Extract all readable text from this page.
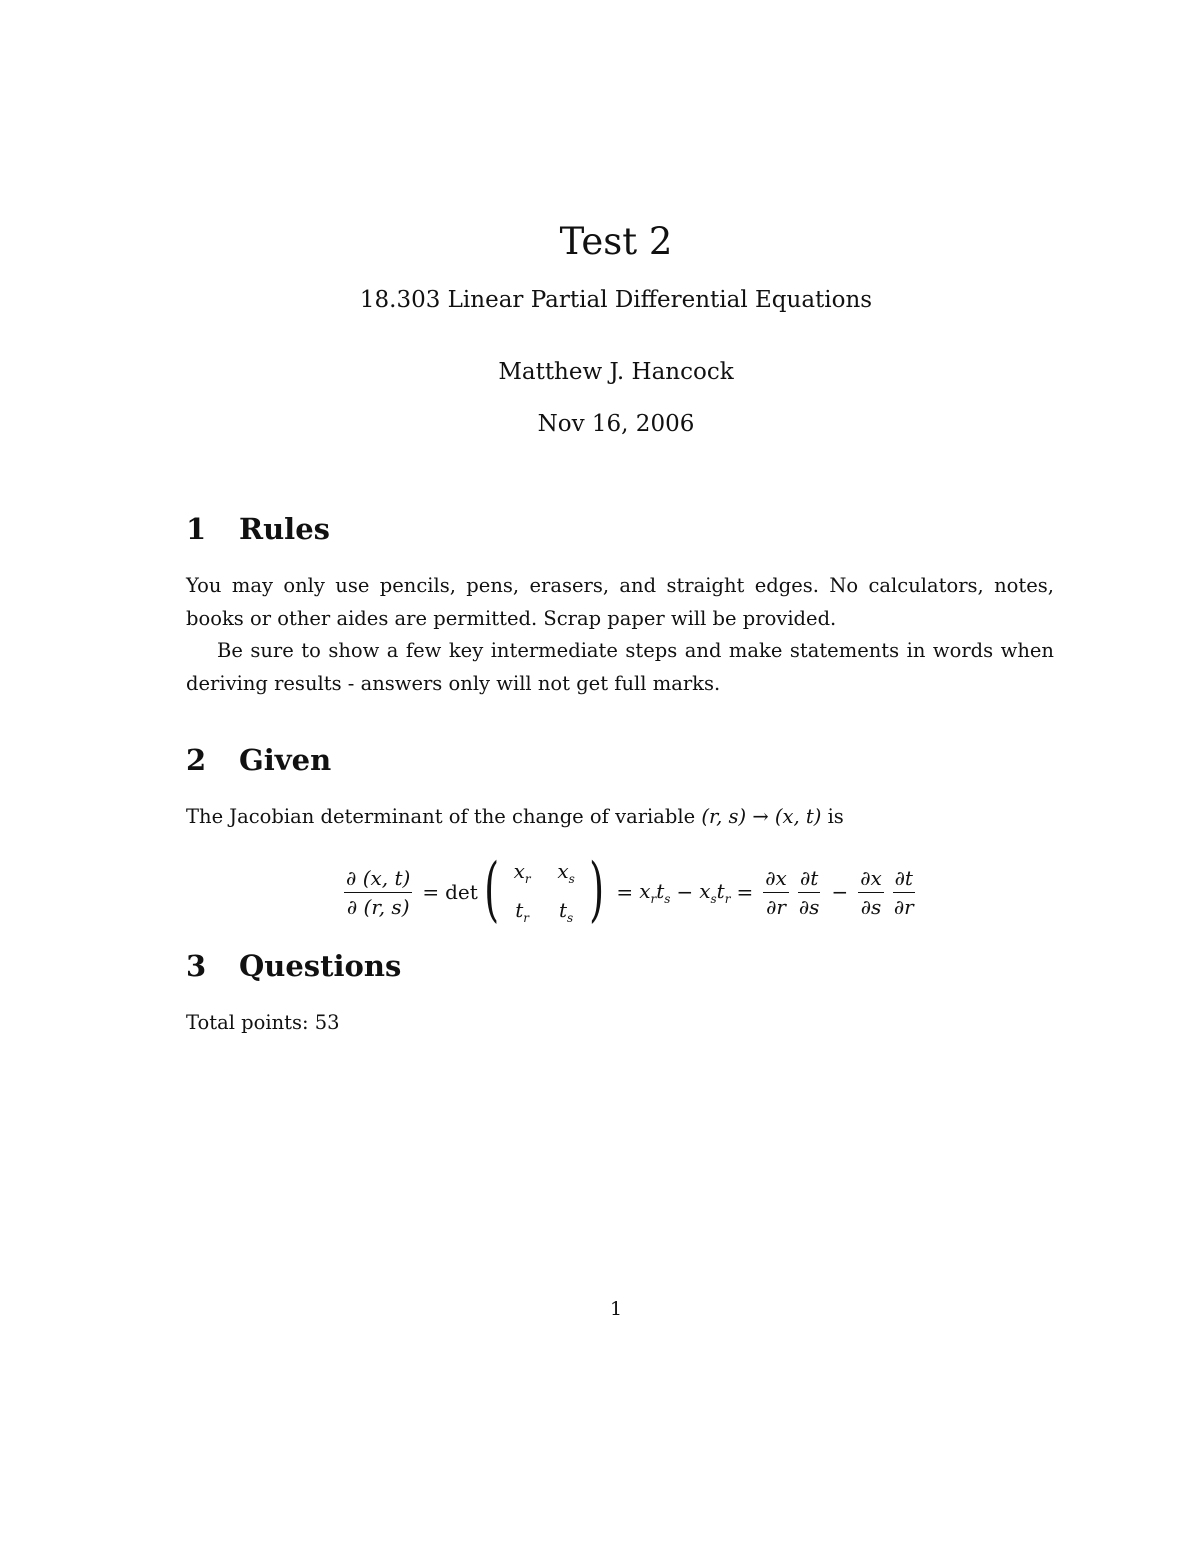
Test 2

18.303 Linear Partial Differential Equations

Matthew J. Hancock

Nov 16, 2006

1 Rules

You may only use pencils, pens, erasers, and straight edges. No calculators, notes, books or other aides are permitted. Scrap paper will be provided.

Be sure to show a few key intermediate steps and make statements in words when deriving results - answers only will not get full marks.

2 Given

The Jacobian determinant of the change of variable (r, s) → (x, t) is

$\frac{\partial (x, t)}{\partial (r, s)} = \det$ ( $x_r$	$x_s$
$t_r$	$t_s$ ) = $x_rt_s - x_st_r = \frac{\partial x}{\partial r} \frac{\partial t}{\partial s} - \frac{\partial x}{\partial s} \frac{\partial t}{\partial r}$
3 Questions

Total points: 53

1
